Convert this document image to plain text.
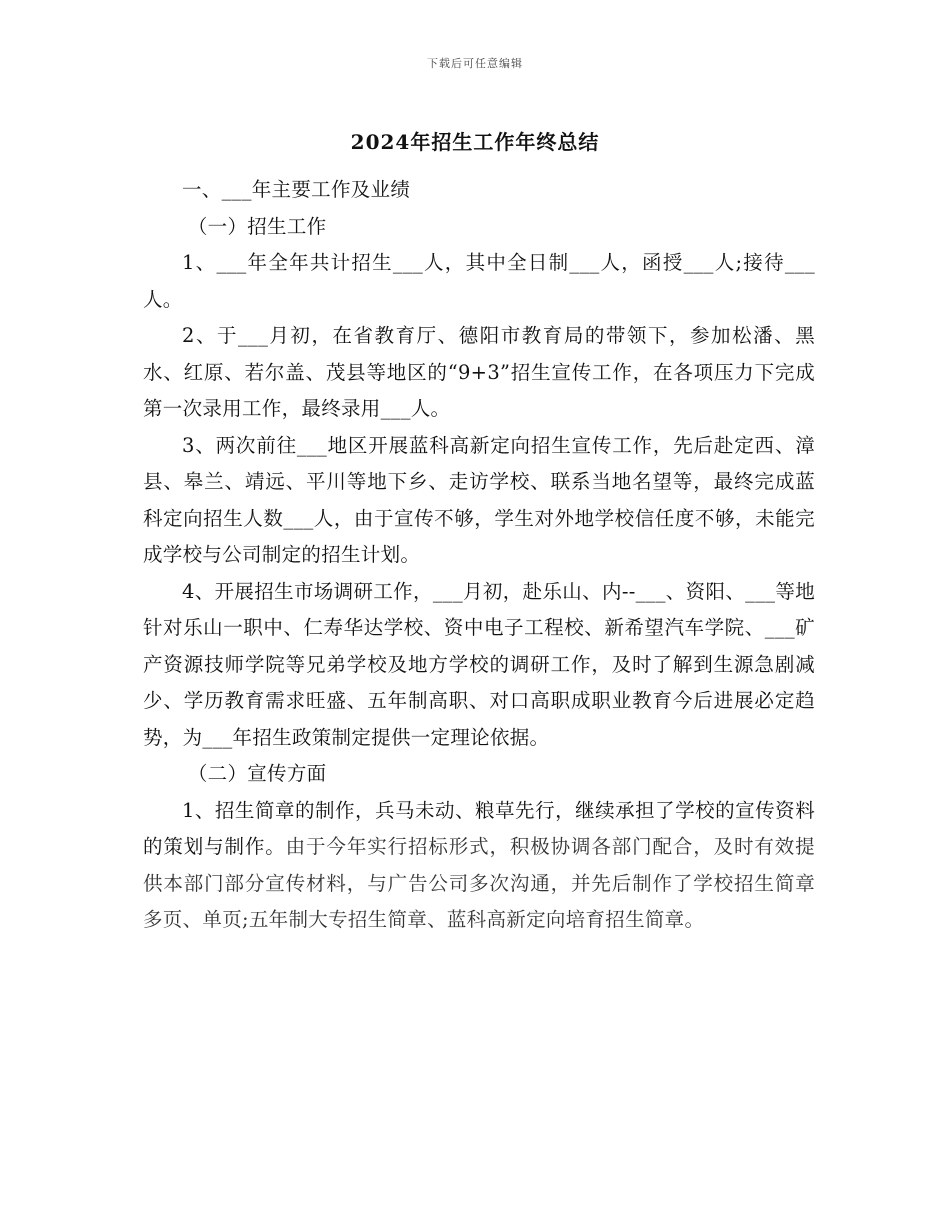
下载后可任意编辑
2024年招生工作年终总结

一、___年主要工作及业绩

（一）招生工作

1、___年全年共计招生___人，其中全日制___人，函授___人;接待___人。

2、于___月初，在省教育厅、德阳市教育局的带领下，参加松潘、黑水、红原、若尔盖、茂县等地区的“9+3”招生宣传工作，在各项压力下完成第一次录用工作，最终录用___人。

3、两次前往___地区开展蓝科高新定向招生宣传工作，先后赴定西、漳县、皋兰、靖远、平川等地下乡、走访学校、联系当地名望等，最终完成蓝科定向招生人数___人，由于宣传不够，学生对外地学校信任度不够，未能完成学校与公司制定的招生计划。

4、开展招生市场调研工作，___月初，赴乐山、内--___、资阳、___等地针对乐山一职中、仁寿华达学校、资中电子工程校、新希望汽车学院、___矿产资源技师学院等兄弟学校及地方学校的调研工作，及时了解到生源急剧减少、学历教育需求旺盛、五年制高职、对口高职成职业教育今后进展必定趋势，为___年招生政策制定提供一定理论依据。

（二）宣传方面

1、招生简章的制作，兵马未动、粮草先行，继续承担了学校的宣传资料的策划与制作。由于今年实行招标形式，积极协调各部门配合，及时有效提供本部门部分宣传材料，与广告公司多次沟通，并先后制作了学校招生简章多页、单页;五年制大专招生简章、蓝科高新定向培育招生简章。
